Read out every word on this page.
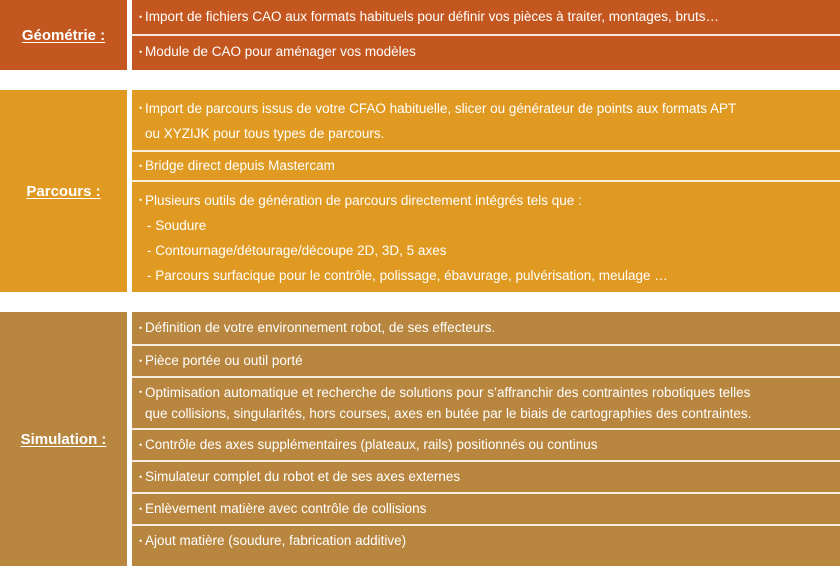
Géométrie :
• Import de fichiers CAO aux formats habituels pour définir vos pièces à traiter, montages, bruts…
• Module de CAO pour aménager vos modèles
Parcours :
• Import de parcours issus de votre CFAO habituelle, slicer ou générateur de points aux formats APT
ou XYZIJK pour tous types de parcours.
• Bridge direct depuis Mastercam
• Plusieurs outils de génération de parcours directement intégrés tels que :
- Soudure
- Contournage/détourage/découpe 2D, 3D, 5 axes
- Parcours surfacique pour le contrôle, polissage, ébavurage, pulvérisation, meulage …
Simulation :
• Définition de votre environnement robot, de ses effecteurs.
• Pièce portée ou outil porté
• Optimisation automatique et recherche de solutions pour s’affranchir des contraintes robotiques telles
que collisions, singularités, hors courses, axes en butée par le biais de cartographies des contraintes.
• Contrôle des axes supplémentaires (plateaux, rails) positionnés ou continus
• Simulateur complet du robot et de ses axes externes
• Enlèvement matière avec contrôle de collisions
• Ajout matière (soudure, fabrication additive)
